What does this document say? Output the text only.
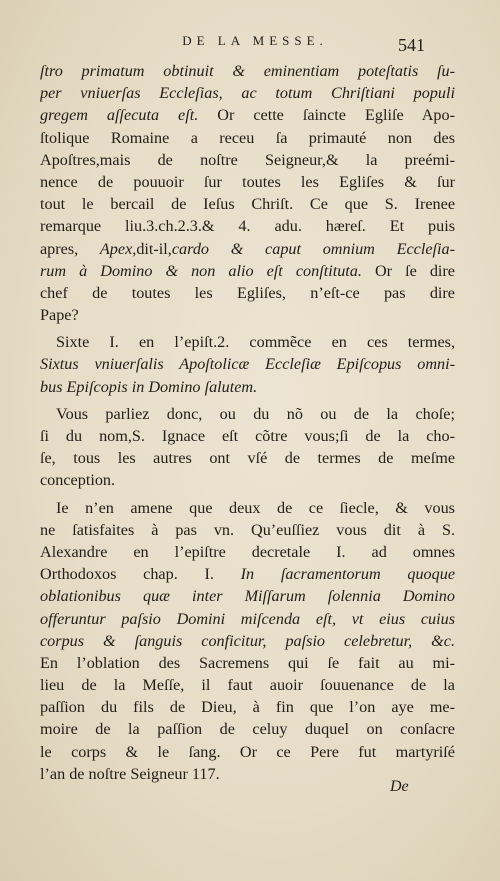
DE LA MESSE.	541
ſtro primatum obtinuit & eminentiam poteſtatis ſu-
per vniuerſas Eccleſias, ac totum Chriſtiani populi
gregem aſſecuta eſt. Or cette ſaincte Egliſe Apo-
ſtolique Romaine a receu ſa primauté non des
Apoſtres,mais de noſtre Seigneur,& la preémi-
nence de pouuoir ſur toutes les Egliſes & ſur
tout le bercail de Ieſus Chriſt. Ce que S. Irenee
remarque liu.3.ch.2.3.& 4. adu. hæreſ. Et puis
apres, Apex,dit-il,cardo & caput omnium Eccleſia-
rum à Domino & non alio eſt conſtituta. Or ſe dire
chef de toutes les Egliſes, n’eſt-ce pas dire
Pape?
Sixte I. en l’epiſt.2. commẽce en ces termes,
Sixtus vniuerſalis Apoſtolicæ Eccleſiæ Epiſcopus omni-
bus Epiſcopis in Domino ſalutem.
Vous parliez donc, ou du nõ ou de la choſe;
ſi du nom,S. Ignace eſt cõtre vous;ſi de la cho-
ſe, tous les autres ont vſé de termes de meſme
conception.
Ie n’en amene que deux de ce ſiecle, & vous
ne ſatisfaites à pas vn. Qu’euſſiez vous dit à S.
Alexandre en l’epiſtre decretale I. ad omnes
Orthodoxos chap. I. In ſacramentorum quoque
oblationibus quæ inter Miſſarum ſolennia Domino
offeruntur paſsio Domini miſcenda eſt, vt eius cuius
corpus & ſanguis conficitur, paſsio celebretur, &c.
En l’oblation des Sacremens qui ſe fait au mi-
lieu de la Meſſe, il faut auoir ſouuenance de la
paſſion du fils de Dieu, à fin que l’on aye me-
moire de la paſſion de celuy duquel on conſacre
le corps & le ſang. Or ce Pere fut martyriſé
l’an de noſtre Seigneur 117.
De
